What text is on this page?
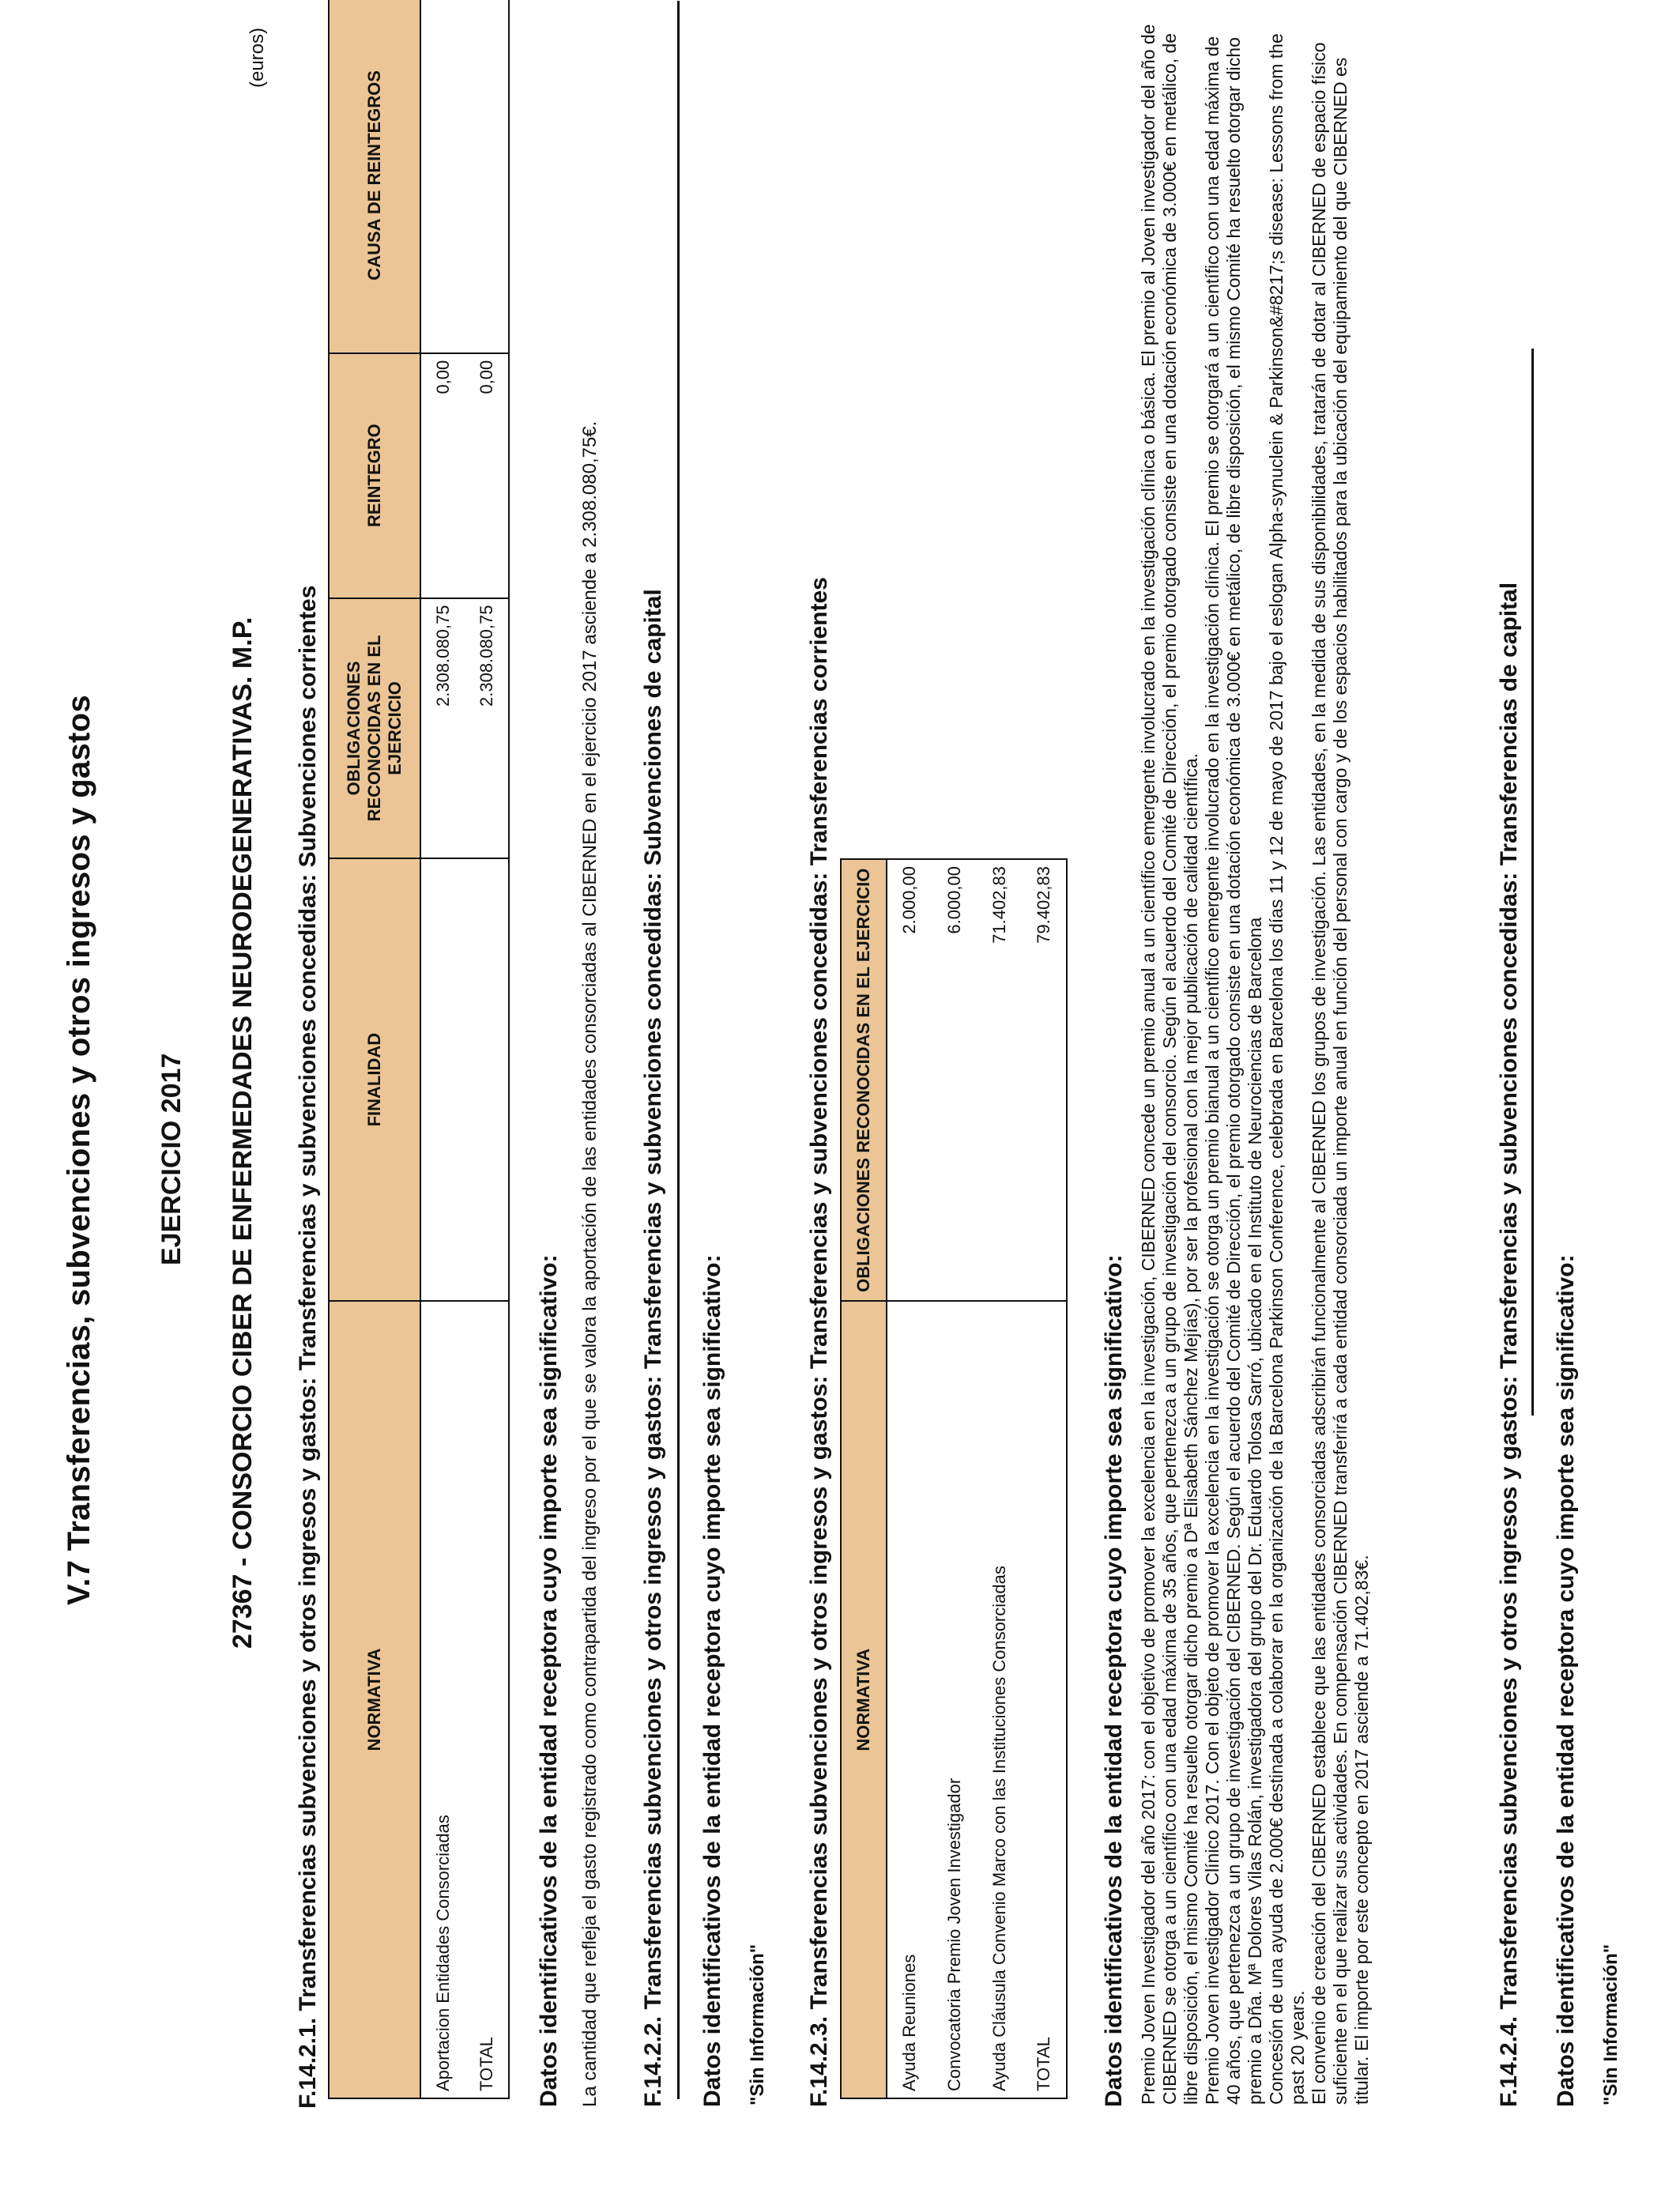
V.7 Transferencias, subvenciones y otros ingresos y gastos EJERCICIO 2017
(euros)
27367 - CONSORCIO CIBER DE ENFERMEDADES NEURODEGENERATIVAS. M.P. F.14.2.1. Transferencias subvenciones y otros ingresos y gastos: Transferencias y subvenciones concedidas: Subvenciones corrientes	NORMATIVA	FINALIDAD	OBLIGACIONES RECONOCIDAS EN EL EJERCICIO	REINTEGRO	CAUSA DE REINTEGROS
Aportacion Entidades Consorciadas		2.308.080,75	0,00	
TOTAL		2.308.080,75	0,00	
Datos identificativos de la entidad receptora cuyo importe sea significativo: La cantidad que refleja el gasto registrado como contrapartida del ingreso por el que se valora la aportación de las entidades consorciadas al CIBERNED en el ejercicio 2017 asciende a 2.308.080,75€. F.14.2.2. Transferencias subvenciones y otros ingresos y gastos: Transferencias y subvenciones concedidas: Subvenciones de capital Datos identificativos de la entidad receptora cuyo importe sea significativo: "Sin Información" F.14.2.3. Transferencias subvenciones y otros ingresos y gastos: Transferencias y subvenciones concedidas: Transferencias corrientes NORMATIVA	OBLIGACIONES RECONOCIDAS EN EL EJERCICIO
Ayuda Reuniones	2.000,00
Convocatoria Premio Joven Investigador	6.000,00
Ayuda Cláusula Convenio Marco con las Instituciones Consorciadas	71.402,83
TOTAL	79.402,83
Datos identificativos de la entidad receptora cuyo importe sea significativo: Premio Joven Investigador del año 2017: con el objetivo de promover la excelencia en la investigación, CIBERNED concede un premio anual a un científico emergente involucrado en la investigación clínica o básica. El premio al Joven investigador del año de CIBERNED se otorga a un científico con una edad máxima de 35 años, que pertenezca a un grupo de investigación del consorcio. Según el acuerdo del Comité de Dirección, el premio otorgado consiste en una dotación económica de 3.000€ en metálico, de libre disposición, el mismo Comité ha resuelto otorgar dicho premio a Dª Elisabeth Sánchez Mejías), por ser la profesional con la mejor publicación de calidad científica. Premio Joven investigador Clínico 2017. Con el objeto de promover la excelencia en la investigación se otorga un premio bianual a un científico emergente involucrado en la investigación clínica. El premio se otorgará a un científico con una edad máxima de 40 años, que pertenezca a un grupo de investigación del CIBERNED. Según el acuerdo del Comité de Dirección, el premio otorgado consiste en una dotación económica de 3.000€ en metálico, de libre disposición, el mismo Comité ha resuelto otorgar dicho premio a Dña. Mª Dolores Vilas Rolán, investigadora del grupo del Dr. Eduardo Tolosa Sarró, ubicado en el Instituto de Neurociencias de Barcelona Concesión de una ayuda de 2.000€ destinada a colaborar en la organización de la Barcelona Parkinson Conference, celebrada en Barcelona los días 11 y 12 de mayo de 2017 bajo el eslogan Alpha-synuclein & Parkinson&#8217;s disease: Lessons from the past 20 years. El convenio de creación del CIBERNED establece que las entidades consorciadas adscribirán funcionalmente al CIBERNED los grupos de investigación. Las entidades, en la medida de sus disponibilidades, tratarán de dotar al CIBERNED de espacio físico suficiente en el que realizar sus actividades. En compensación CIBERNED transferirá a cada entidad consorciada un importe anual en función del personal con cargo y de los espacios habilitados para la ubicación del equipamiento del que CIBERNED es titular. El importe por este concepto en 2017 asciende a 71.402,83€.	F.14.2.4. Transferencias subvenciones y otros ingresos y gastos: Transferencias y subvenciones concedidas: Transferencias de capital Datos identificativos de la entidad receptora cuyo importe sea significativo: "Sin Información"
